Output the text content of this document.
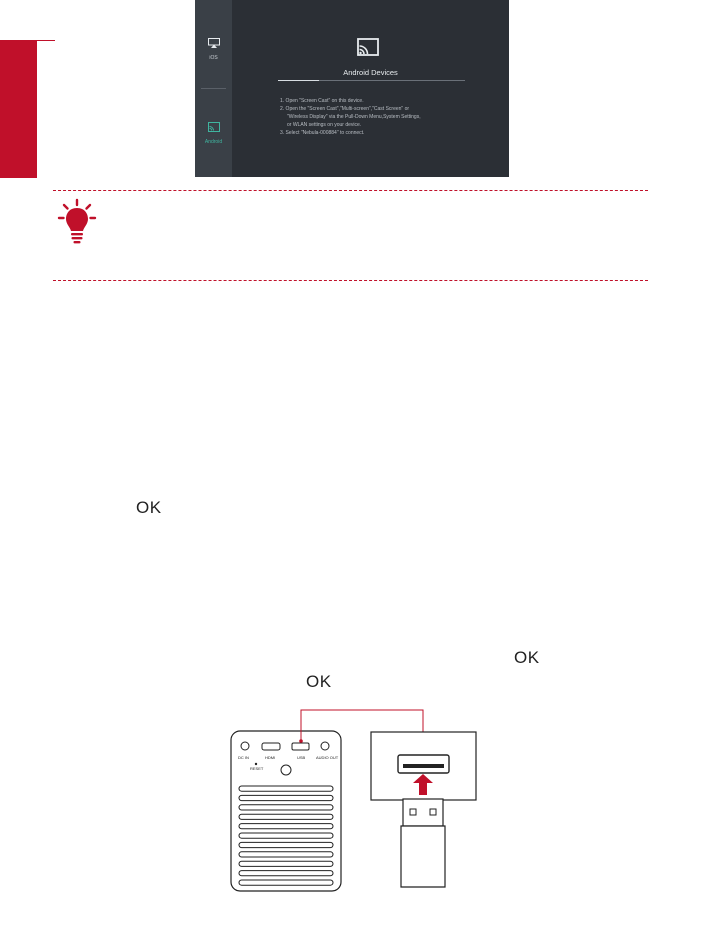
iOS
Android
Android Devices
1. Open "Screen Cast" on this device.
2. Open the "Screen Cast","Multi-screen","Cast Screen" or
"Wireless Display" via the Pull-Down Menu,System Settings,
or WLAN settings on your device.
3. Select "Nebula-000884" to connect.
OK
OK
OK
DC IN	HDMI	USB	AUDIO OUT
RESET
